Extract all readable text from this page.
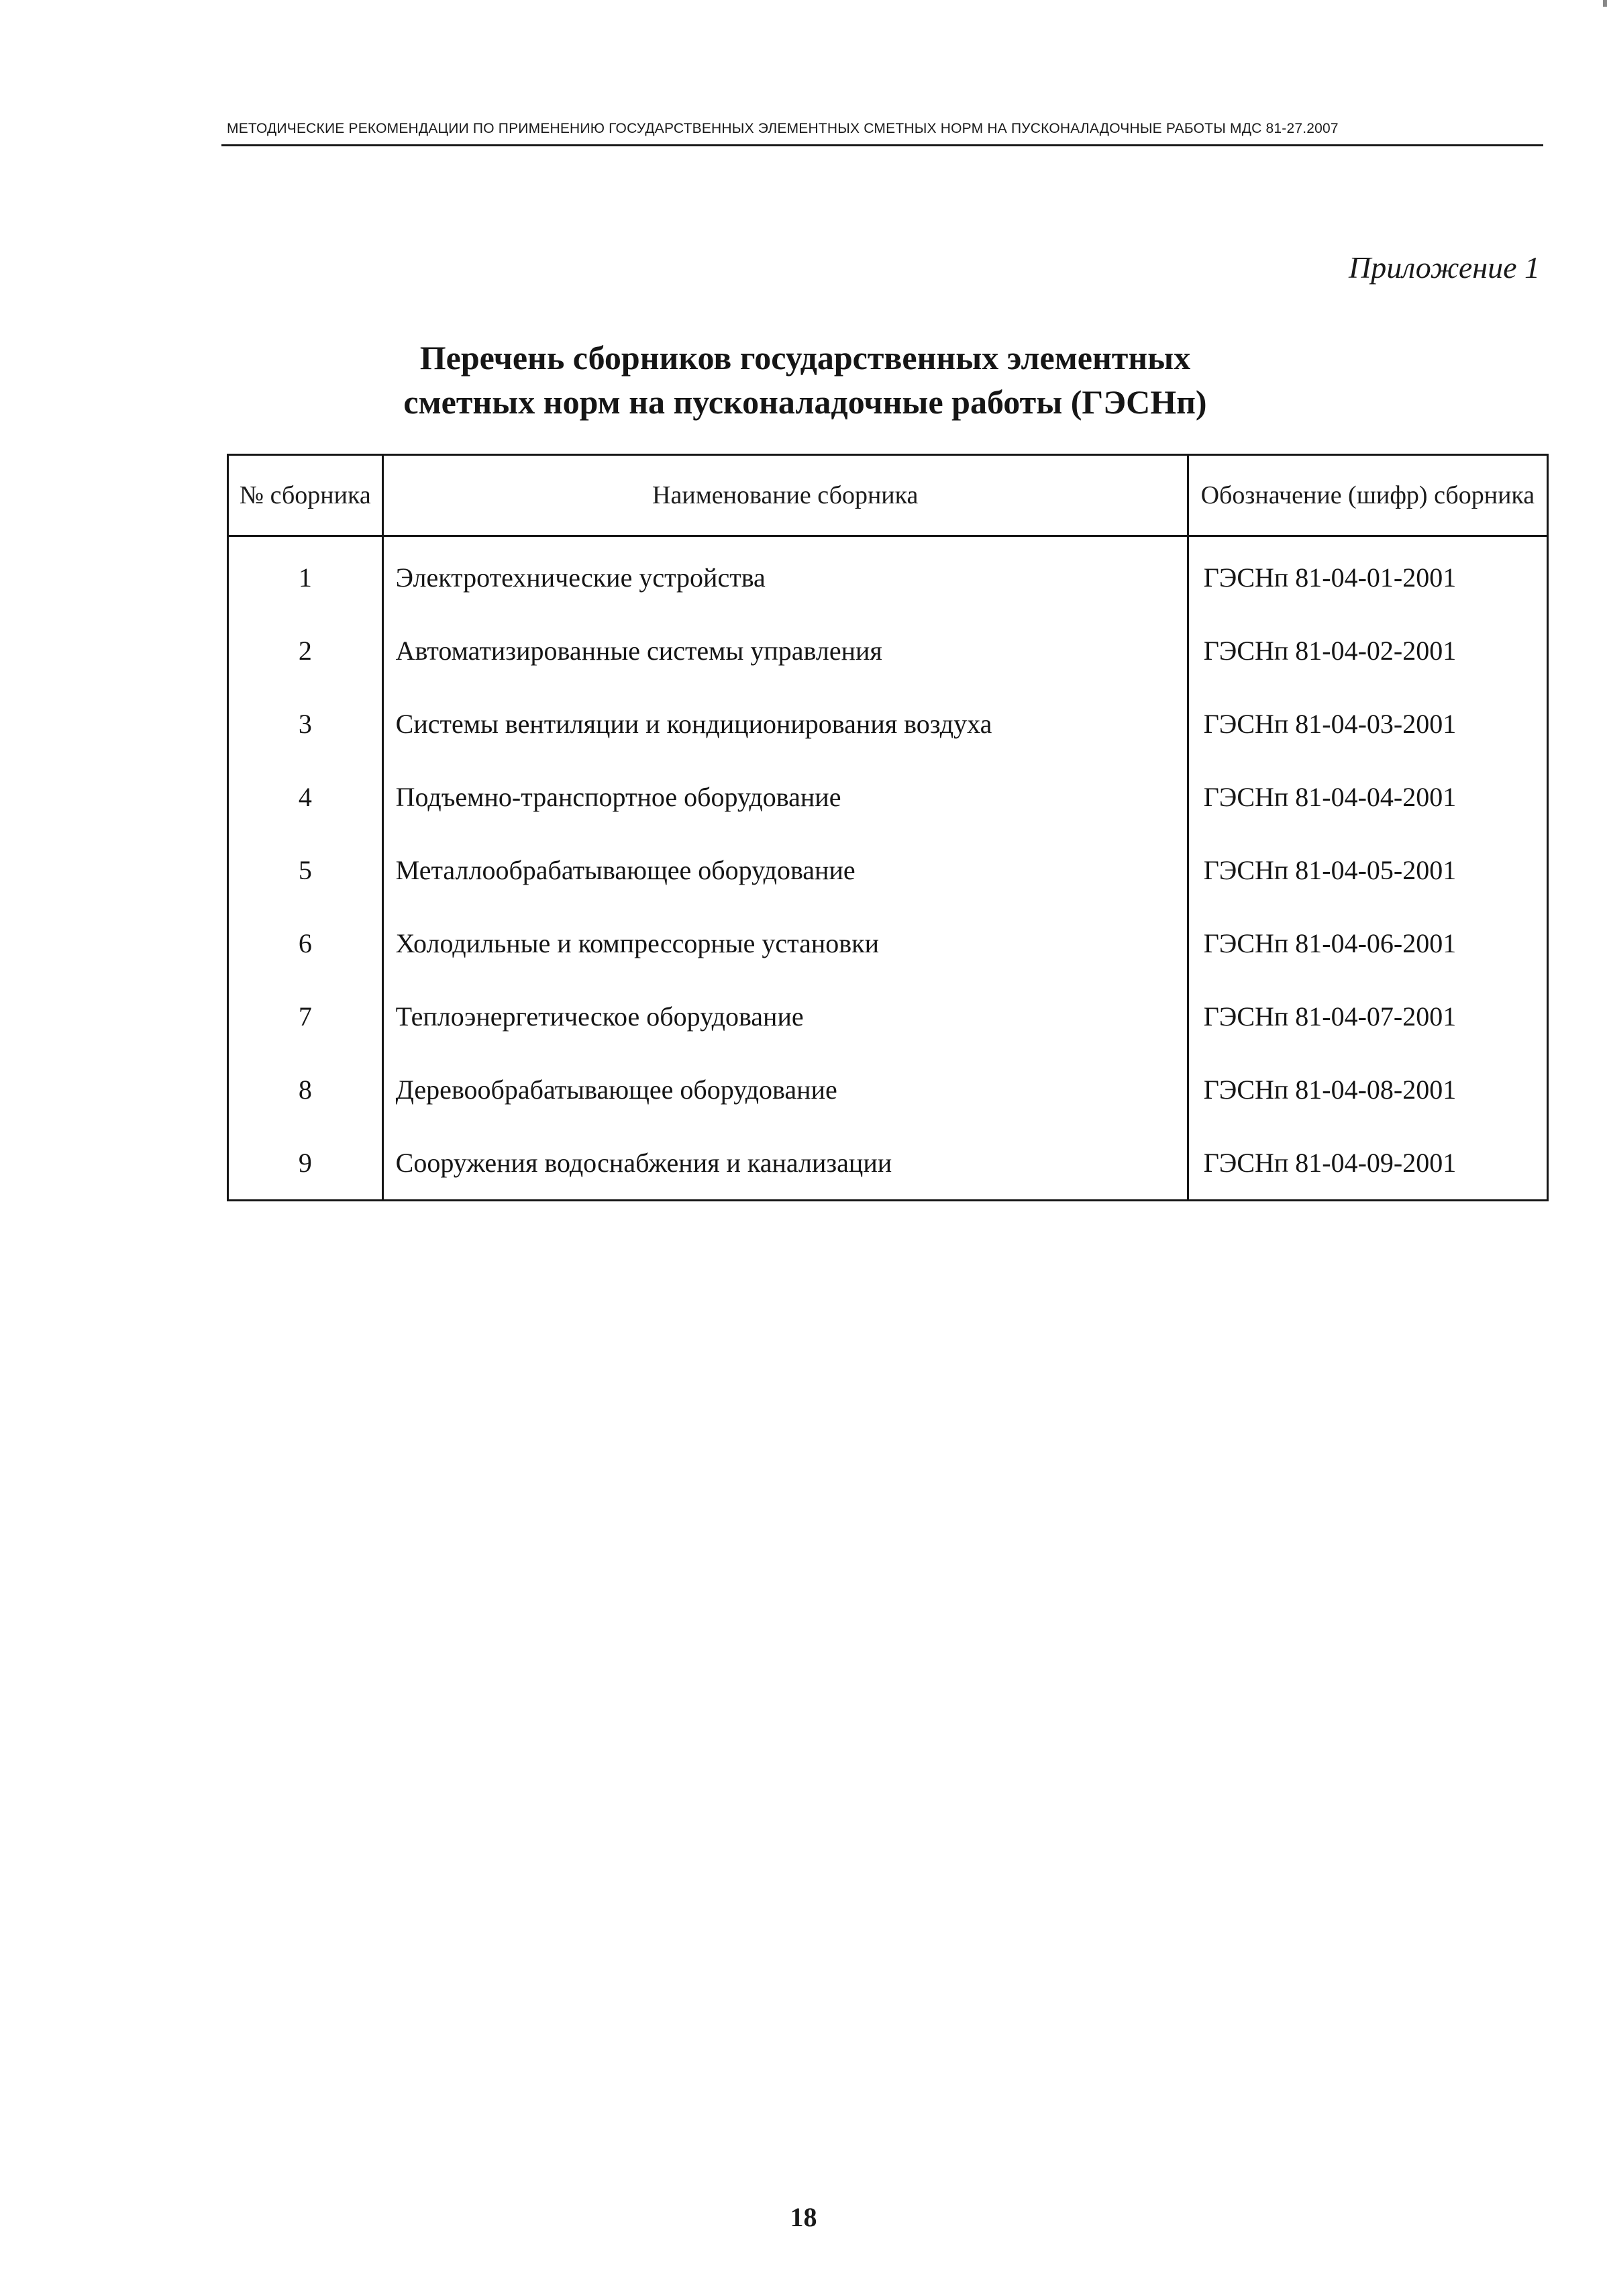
МЕТОДИЧЕСКИЕ РЕКОМЕНДАЦИИ ПО ПРИМЕНЕНИЮ ГОСУДАРСТВЕННЫХ ЭЛЕМЕНТНЫХ СМЕТНЫХ НОРМ НА ПУСКОНАЛАДОЧНЫЕ РАБОТЫ МДС 81-27.2007
Приложение 1
Перечень сборников государственных элементных
сметных норм на пусконаладочные работы (ГЭСНп)
№ сборника	Наименование сборника	Обозначение (шифр) сборника
1	Электротехнические устройства	ГЭСНп 81-04-01-2001
2	Автоматизированные системы управления	ГЭСНп 81-04-02-2001
3	Системы вентиляции и кондиционирования воздуха	ГЭСНп 81-04-03-2001
4	Подъемно-транспортное оборудование	ГЭСНп 81-04-04-2001
5	Металлообрабатывающее оборудование	ГЭСНп 81-04-05-2001
6	Холодильные и компрессорные установки	ГЭСНп 81-04-06-2001
7	Теплоэнергетическое оборудование	ГЭСНп 81-04-07-2001
8	Деревообрабатывающее оборудование	ГЭСНп 81-04-08-2001
9	Сооружения водоснабжения и канализации	ГЭСНп 81-04-09-2001
18
